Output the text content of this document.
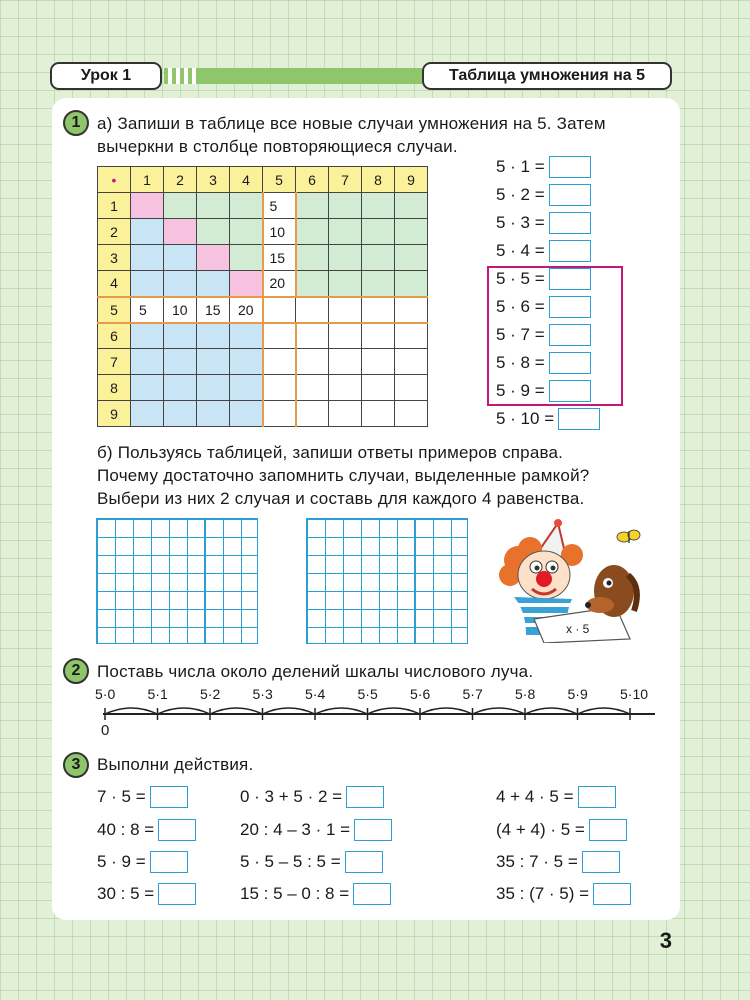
Урок 1	Таблица умножения на 5
1 а) Запиши в таблице все новые случаи умножения на 5. Затем
вычеркни в столбце повторяющиеся случаи.
•	1	2	3	4	5	6	7	8	9
1					5				
2					10				
3					15				
4					20				
5	5	10	15	20					
6									
7									
8									
9									
5 · 1 =
5 · 2 =
5 · 3 =
5 · 4 =
5 · 5 =
5 · 6 =
5 · 7 =
5 · 8 =
5 · 9 =
5 · 10 =
б) Пользуясь таблицей, запиши ответы примеров справа.
Почему достаточно запомнить случаи, выделенные рамкой?
Выбери из них 2 случая и составь для каждого 4 равенства.
x · 5
2 Поставь числа около делений шкалы числового луча.
5·0 5·1 5·2 5·3 5·4 5·5 5·6 5·7 5·8 5·9 5·10
0
3 Выполни действия.
7 · 5 =
40 : 8 =
5 · 9 =
30 : 5 =
0 · 3 + 5 · 2 =
20 : 4 – 3 · 1 =
5 · 5 – 5 : 5 =
15 : 5 – 0 : 8 =
4 + 4 · 5 =
(4 + 4) · 5 =
35 : 7 · 5 =
35 : (7 · 5) =
3
